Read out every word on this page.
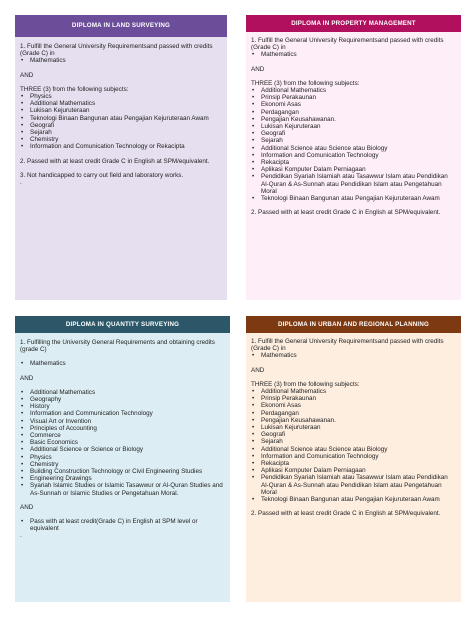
DIPLOMA IN LAND SURVEYING

1. Fulfill the General University Requirementsand passed with credits (Grade C) in

• Mathematics

AND

THREE (3) from the following subjects:

• Physics
• Additional Mathematics
• Lukisan Kejuruteraan
• Teknologi Binaan Bangunan atau Pengajian Kejuruteraan Awam
• Geografi
• Sejarah
• Chemistry
• Information and Comunication Technology or Rekacipta

2. Passed with at least credit Grade C in English at SPM/equivalent.

3. Not handicapped to carry out field and laboratory works.

.

DIPLOMA IN PROPERTY MANAGEMENT

1. Fulfill the General University Requirementsand passed with credits (Grade C) in

• Mathematics

AND

THREE (3) from the following subjects:

• Additional Mathematics
• Prinsip Perakaunan
• Ekonomi Asas
• Perdagangan
• Pengajian Keusahawanan.
• Lukisan Kejuruteraan
• Geografi
• Sejarah
• Additional Science atau Science atau Biology
• Information and Comunication Technology
• Rekacipta
• Aplikasi Komputer Dalam Perniagaan
• Pendidikan Syariah Islamiah atau Tasawwur Islam atau Pendidikan Al-Quran & As-Sunnah atau Pendidikan Islam atau Pengetahuan Moral
• Teknologi Binaan Bangunan atau Pengajian Kejuruteraan Awam

2. Passed with at least credit Grade C in English at SPM/equivalent.

DIPLOMA IN QUANTITY SURVEYING

1. Fulfilling the University General Requirements and obtaining credits (grade C)

• Mathematics

AND

• Additional Mathematics
• Geography
• History
• Information and Communication Technology
• Visual Art or Invention
• Principles of Accounting
• Commerce
• Basic Economics
• Additional Science or Science or Biology
• Physics
• Chemistry
• Building Construction Technology or Civil Engineering Studies
• Engineering Drawings
• Syariah Islamic Studies or Islamic Tasawwur or Al-Quran Studies and As-Sunnah or Islamic Studies or Pengetahuan Moral.

AND

• Pass with at least credit(Grade C) in English at SPM level or equivalent

.

DIPLOMA IN URBAN AND REGIONAL PLANNING

1. Fulfill the General University Requirementsand passed with credits (Grade C) in

• Mathematics

AND

THREE (3) from the following subjects:

• Additional Mathematics
• Prinsip Perakaunan
• Ekonomi Asas
• Perdagangan
• Pengajian Keusahawanan.
• Lukisan Kejuruteraan
• Geografi
• Sejarah
• Additional Science atau Science atau Biology
• Information and Comunication Technology
• Rekacipta
• Aplikasi Komputer Dalam Perniagaan
• Pendidikan Syariah Islamiah atau Tasawwur Islam atau Pendidikan Al-Quran & As-Sunnah atau Pendidikan Islam atau Pengetahuan Moral
• Teknologi Binaan Bangunan atau Pengajian Kejuruteraan Awam

2. Passed with at least credit Grade C in English at SPM/equivalent.
